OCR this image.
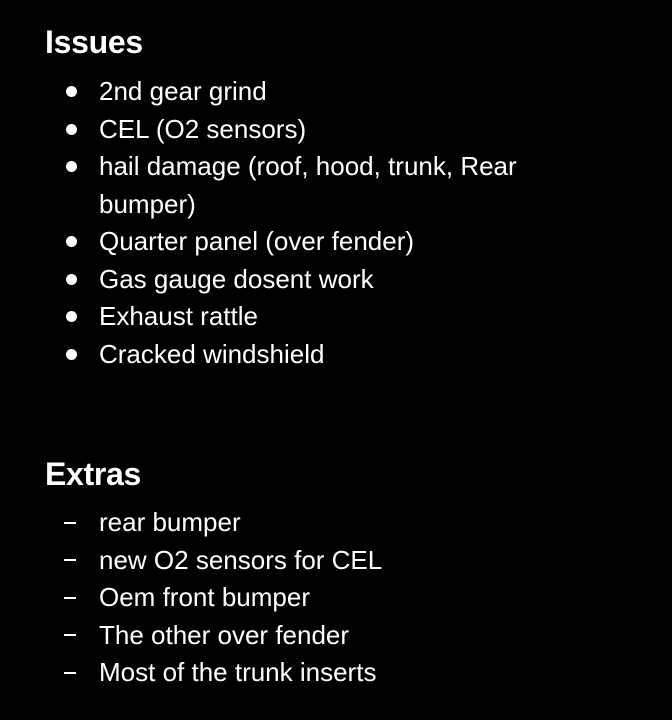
Issues
2nd gear grind
CEL (O2 sensors)
hail damage (roof, hood, trunk, Rear bumper)
Quarter panel (over fender)
Gas gauge dosent work
Exhaust rattle
Cracked windshield
Extras
rear bumper
new O2 sensors for CEL
Oem front bumper
The other over fender
Most of the trunk inserts
